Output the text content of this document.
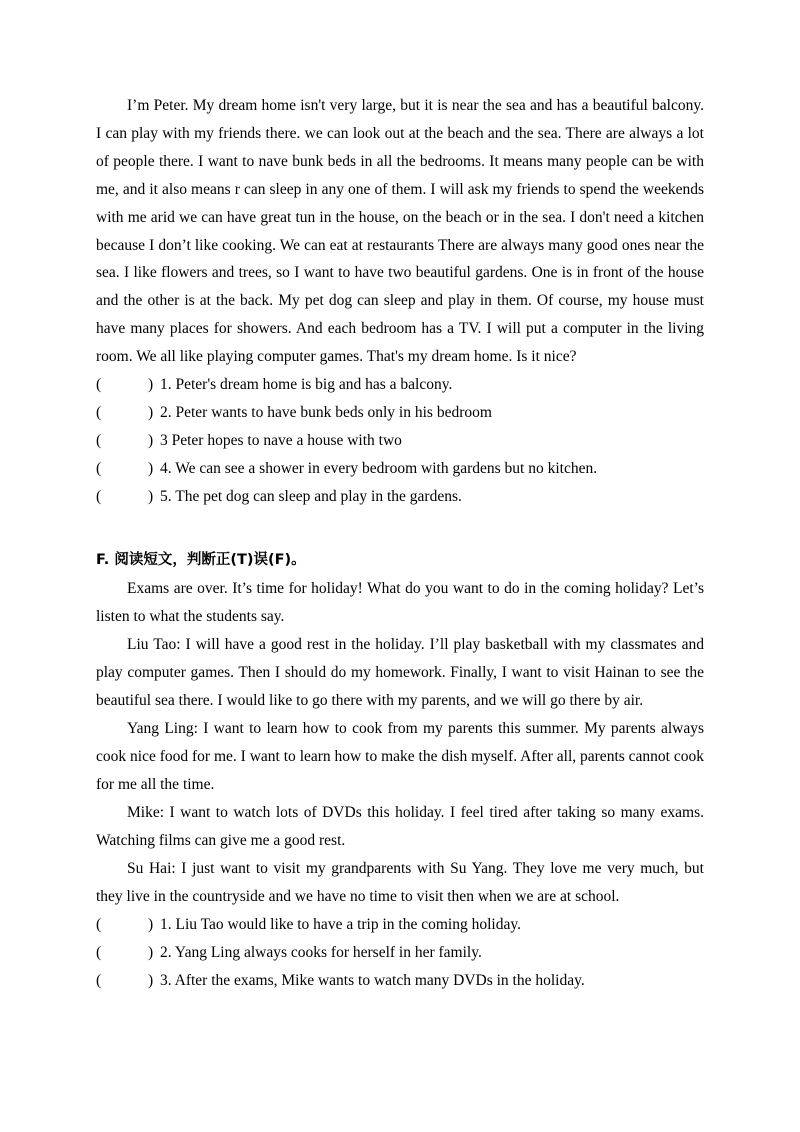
I’m Peter. My dream home isn't very large, but it is near the sea and has a beautiful balcony. I can play with my friends there. we can look out at the beach and the sea. There are always a lot of people there. I want to nave bunk beds in all the bedrooms. It means many people can be with me, and it also means r can sleep in any one of them. I will ask my friends to spend the weekends with me arid we can have great tun in the house, on the beach or in the sea. I don't need a kitchen because I don’t like cooking. We can eat at restaurants There are always many good ones near the sea. I like flowers and trees, so I want to have two beautiful gardens. One is in front of the house and the other is at the back. My pet dog can sleep and play in them. Of course, my house must have many places for showers. And each bedroom has a TV. I will put a computer in the living room. We all like playing computer games. That's my dream home. Is it nice?

(	) 1. Peter's dream home is big and has a balcony.
(	) 2. Peter wants to have bunk beds only in his bedroom
(	) 3 Peter hopes to nave a house with two
(	) 4. We can see a shower in every bedroom with gardens but no kitchen.
(	) 5. The pet dog can sleep and play in the gardens.
F. 阅读短文，判断正(T)误(F)。

Exams are over. It’s time for holiday! What do you want to do in the coming holiday? Let’s listen to what the students say.

Liu Tao: I will have a good rest in the holiday. I’ll play basketball with my classmates and play computer games. Then I should do my homework. Finally, I want to visit Hainan to see the beautiful sea there. I would like to go there with my parents, and we will go there by air.

Yang Ling: I want to learn how to cook from my parents this summer. My parents always cook nice food for me. I want to learn how to make the dish myself. After all, parents cannot cook for me all the time.

Mike: I want to watch lots of DVDs this holiday. I feel tired after taking so many exams. Watching films can give me a good rest.

Su Hai: I just want to visit my grandparents with Su Yang. They love me very much, but they live in the countryside and we have no time to visit then when we are at school.

(	) 1. Liu Tao would like to have a trip in the coming holiday.
(	) 2. Yang Ling always cooks for herself in her family.
(	) 3. After the exams, Mike wants to watch many DVDs in the holiday.
